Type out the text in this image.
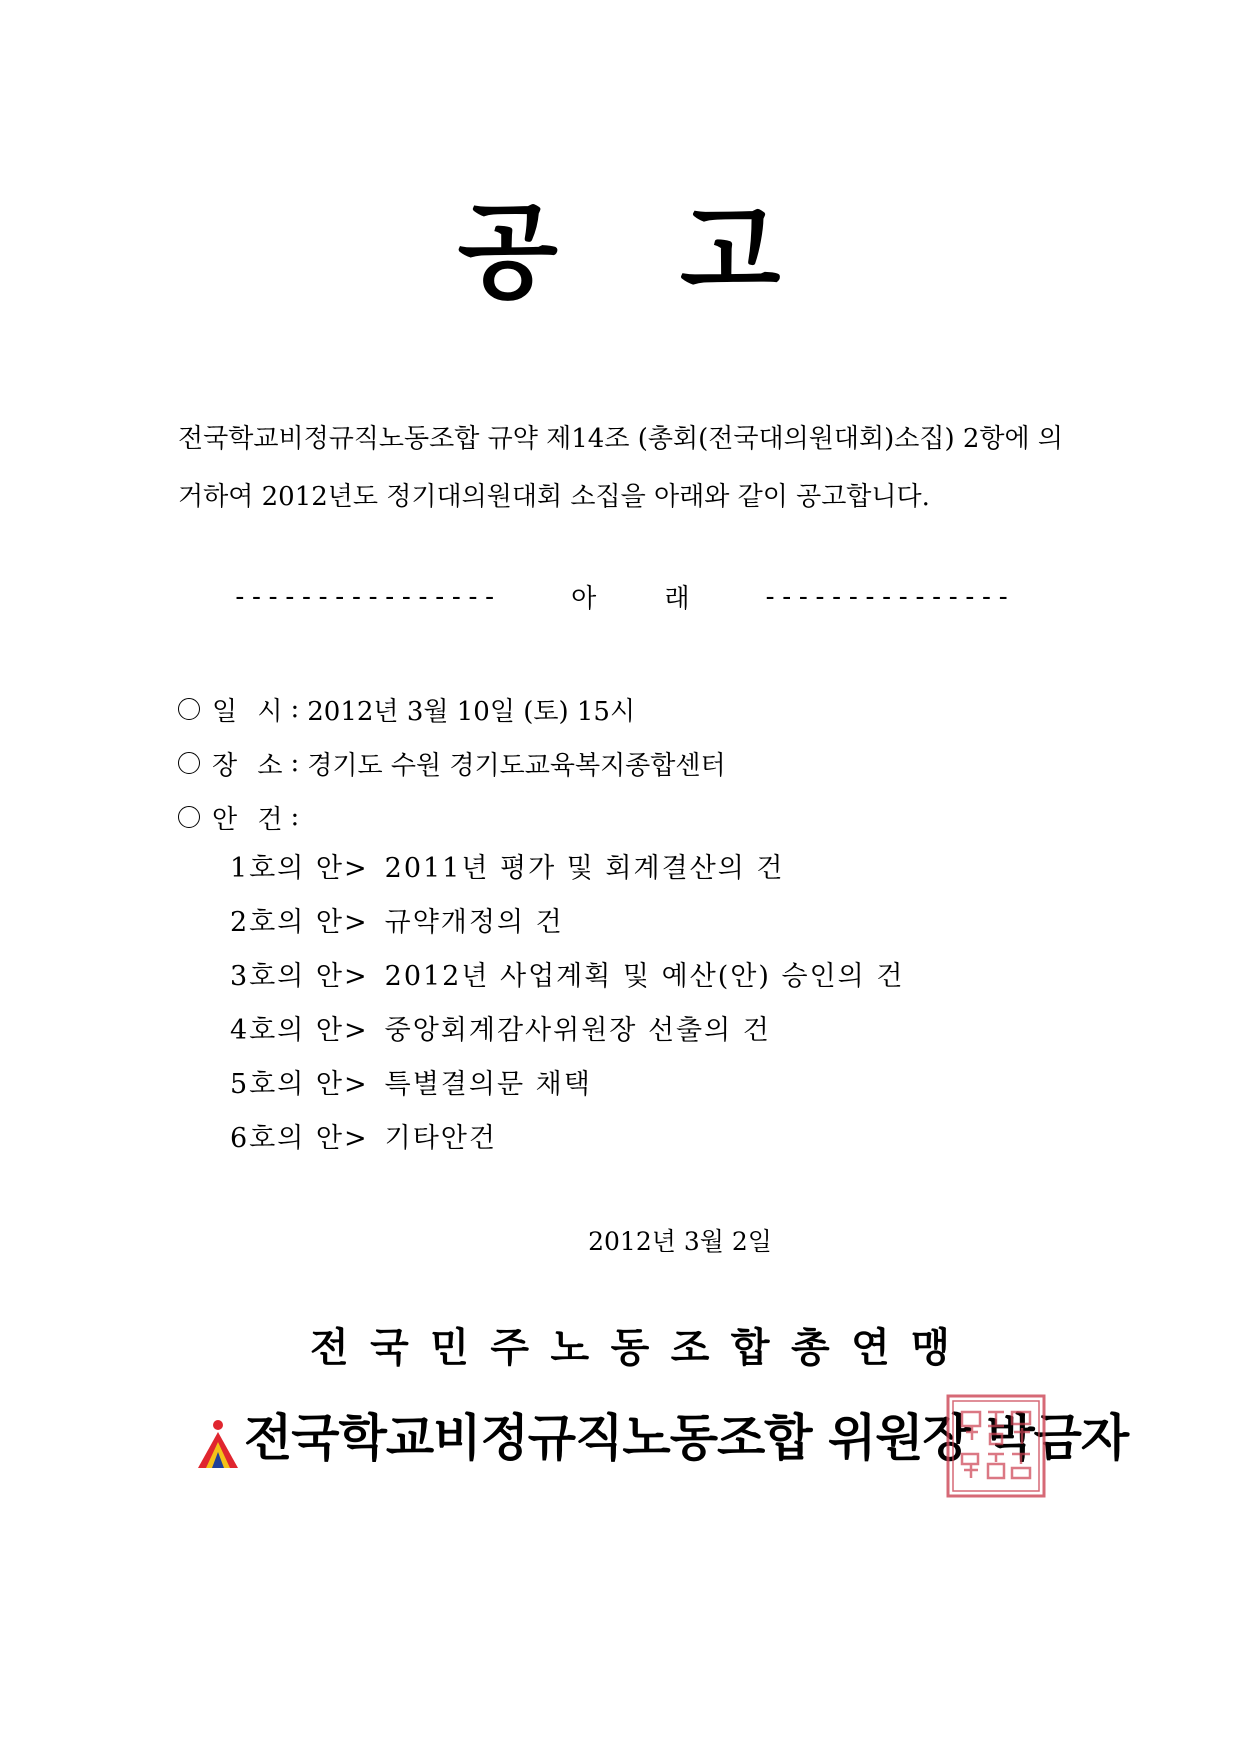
공 고
전국학교비정규직노동조합 규약 제14조 (총회(전국대의원대회)소집) 2항에 의
거하여 2012년도 정기대의원대회 소집을 아래와 같이 공고합니다.
----------------	아 래	---------------
일 시 : 2012년 3월 10일 (토) 15시
장 소 : 경기도 수원 경기도교육복지종합센터
안 건 :
1호의 안> 2011년 평가 및 회계결산의 건
2호의 안> 규약개정의 건
3호의 안> 2012년 사업계획 및 예산(안) 승인의 건
4호의 안> 중앙회계감사위원장 선출의 건
5호의 안> 특별결의문 채택
6호의 안> 기타안건
2012년 3월 2일
전 국 민 주 노 동 조 합 총 연 맹
전국학교비정규직노동조합 위원장 박금자
